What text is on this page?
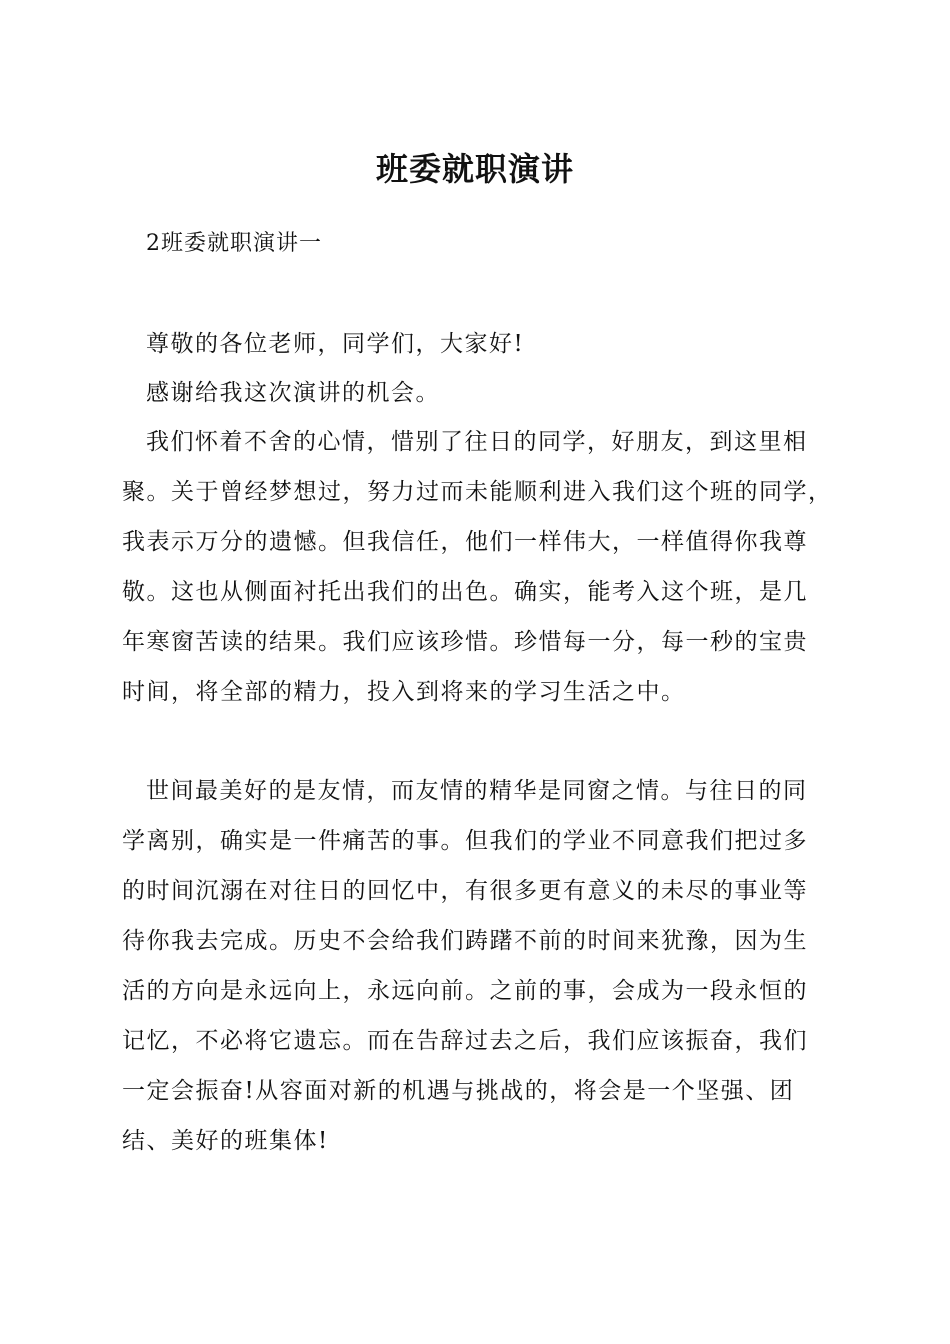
班委就职演讲

2班委就职演讲一

尊敬的各位老师，同学们，大家好!

感谢给我这次演讲的机会。

我们怀着不舍的心情，惜别了往日的同学，好朋友，到这里相

聚。关于曾经梦想过，努力过而未能顺利进入我们这个班的同学，

我表示万分的遗憾。但我信任，他们一样伟大，一样值得你我尊

敬。这也从侧面衬托出我们的出色。确实，能考入这个班，是几

年寒窗苦读的结果。我们应该珍惜。珍惜每一分，每一秒的宝贵

时间，将全部的精力，投入到将来的学习生活之中。

世间最美好的是友情，而友情的精华是同窗之情。与往日的同

学离别，确实是一件痛苦的事。但我们的学业不同意我们把过多

的时间沉溺在对往日的回忆中，有很多更有意义的未尽的事业等

待你我去完成。历史不会给我们踌躇不前的时间来犹豫，因为生

活的方向是永远向上，永远向前。之前的事，会成为一段永恒的

记忆，不必将它遗忘。而在告辞过去之后，我们应该振奋，我们

一定会振奋!从容面对新的机遇与挑战的，将会是一个坚强、团

结、美好的班集体!
